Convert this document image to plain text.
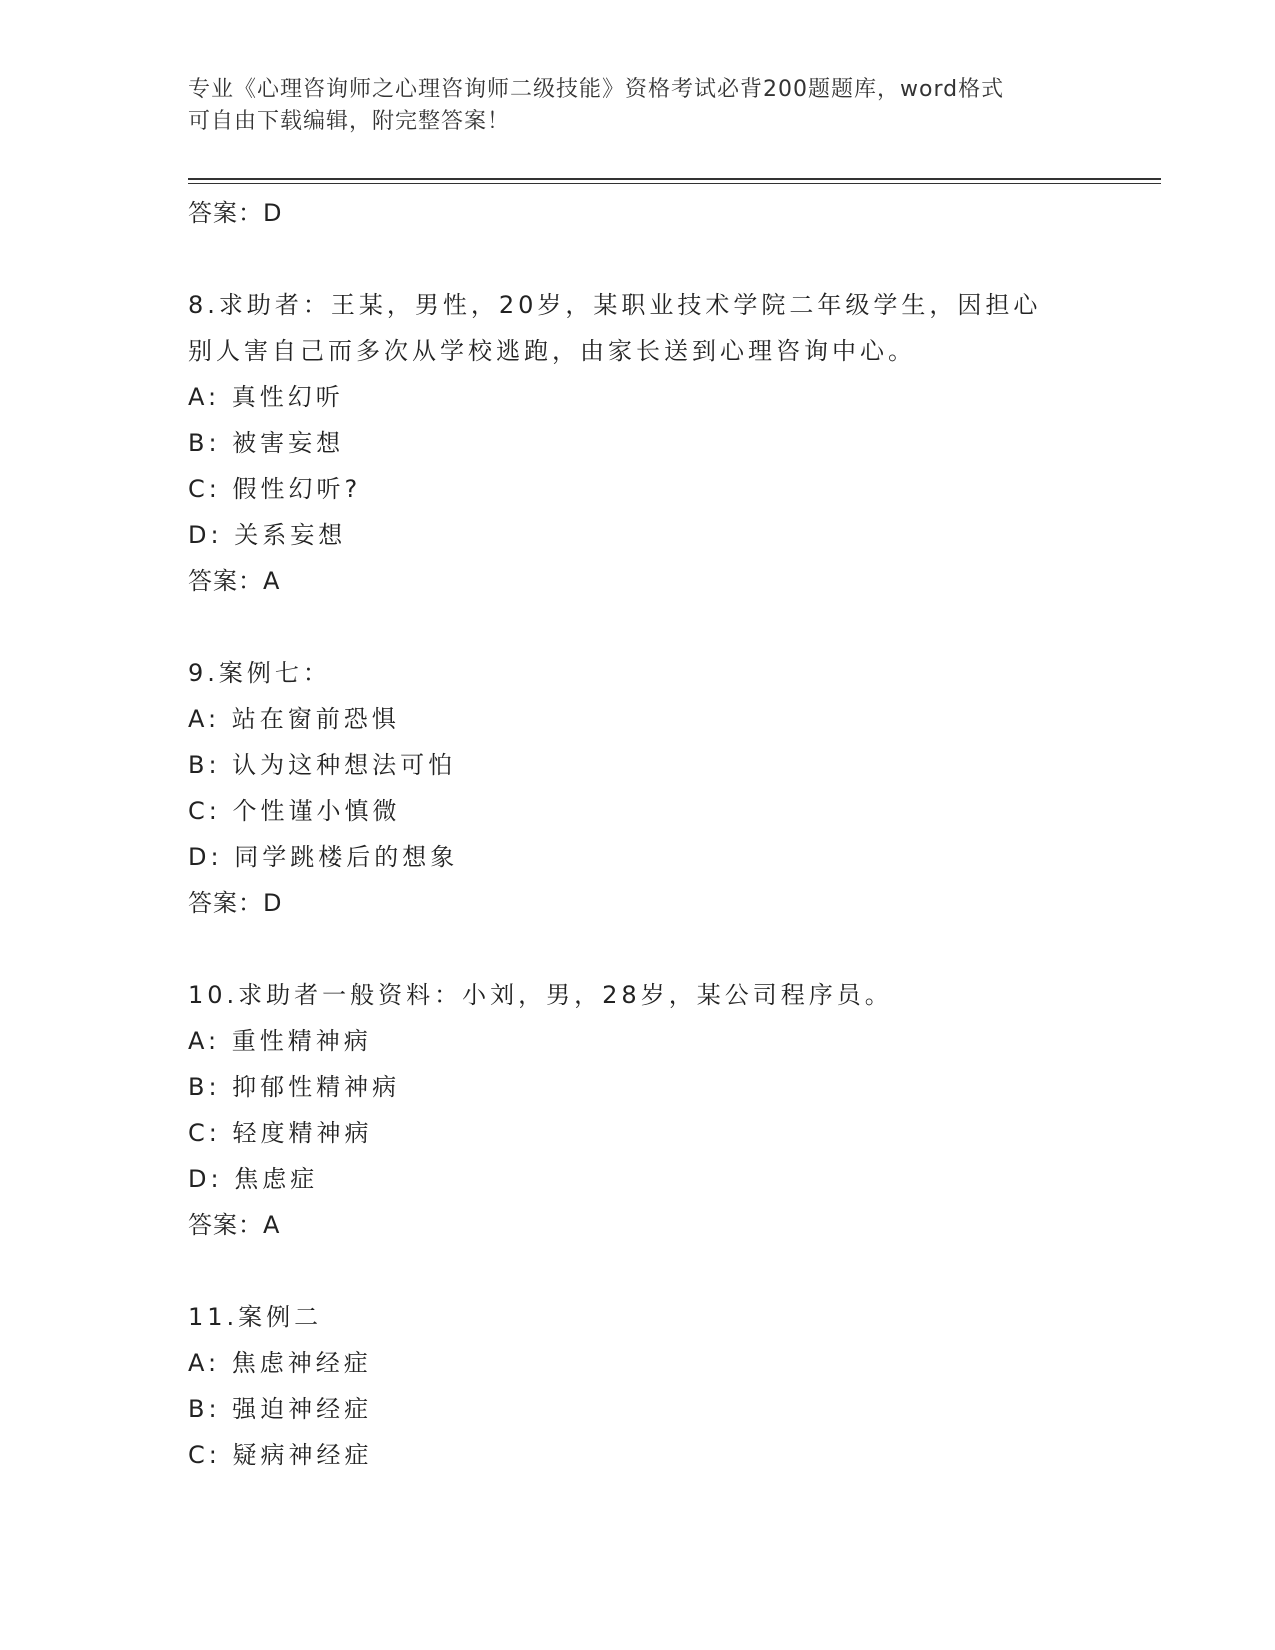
专业《心理咨询师之心理咨询师二级技能》资格考试必背200题题库，word格式
可自由下载编辑，附完整答案！
答案：D
8.求助者：王某，男性，20岁，某职业技术学院二年级学生，因担心
别人害自己而多次从学校逃跑，由家长送到心理咨询中心。
A: 真性幻听
B: 被害妄想
C: 假性幻听?
D: 关系妄想
答案：A
9.案例七：
A: 站在窗前恐惧
B: 认为这种想法可怕
C: 个性谨小慎微
D: 同学跳楼后的想象
答案：D
10.求助者一般资料：小刘，男，28岁，某公司程序员。
A: 重性精神病
B: 抑郁性精神病
C: 轻度精神病
D: 焦虑症
答案：A
11.案例二
A: 焦虑神经症
B: 强迫神经症
C: 疑病神经症
